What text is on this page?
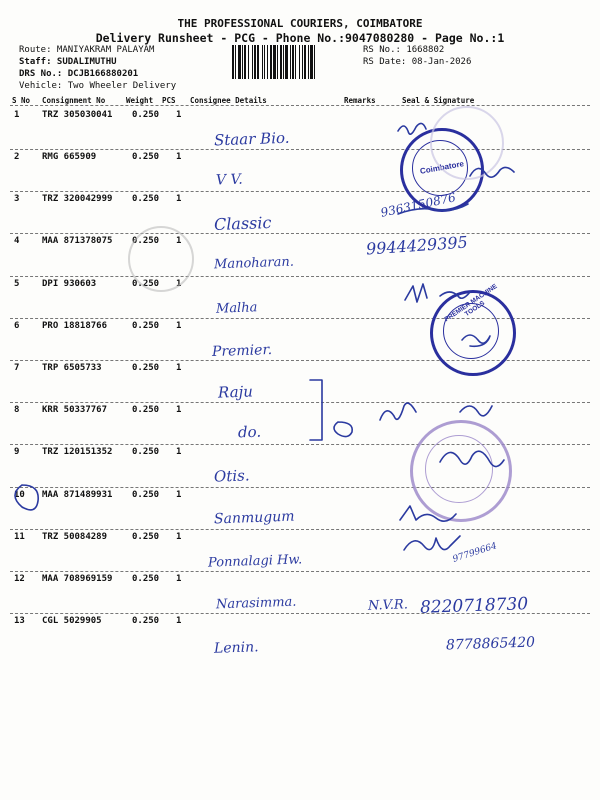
THE PROFESSIONAL COURIERS, COIMBATORE
Delivery Runsheet - PCG - Phone No.:9047080280 - Page No.:1
Route: MANIYAKRAM PALAYAM
Staff: SUDALIMUTHU
DRS No.: DCJB166880201
Vehicle: Two Wheeler Delivery
RS No.: 1668802
RS Date: 08-Jan-2026
S No Consignment No	Weight PCS Consignee Details	Remarks	Seal & Signature
1	TRZ 305030041 0.250 1
Staar Bio.
2	RMG 665909	0.250 1
V V.
3	TRZ 320042999 0.250 1
Classic
4	MAA 871378075 0.250 1
Manoharan.
5	DPI 930603	0.250 1
Malha
6	PRO 18818766	0.250 1
Premier.
7	TRP 6505733	0.250 1
Raju
8	KRR 50337767	0.250 1
do.
9	TRZ 120151352 0.250 1
Otis.
10 MAA 871489931 0.250 1
Sanmugum
11 TRZ 50084289	0.250 1
Ponnalagi Hw.
12 MAA 708969159 0.250 1
Narasimma.
13 CGL 5029905	0.250 1
Lenin.
9363150876
9944429395
N.V.R. 8220718730
8778865420
97799664
Coimbatore
PREMIER MACHINE TOOLS
